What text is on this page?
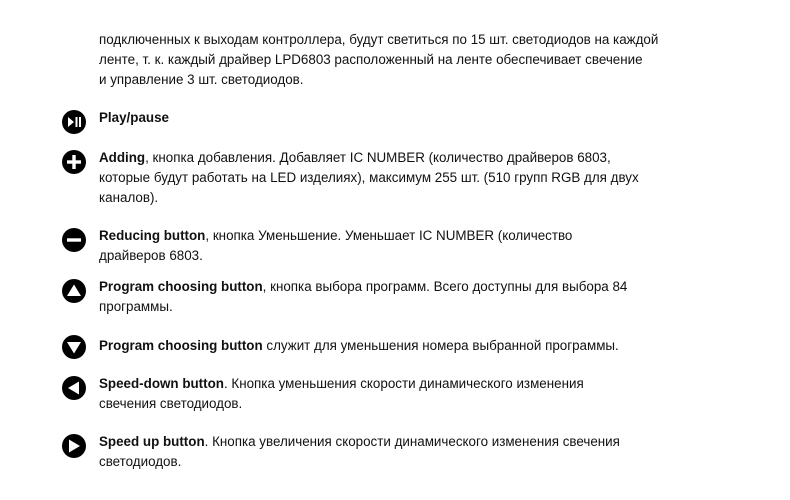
подключенных к выходам контроллера, будут светиться по 15 шт. светодиодов на каждой
ленте, т. к. каждый драйвер LPD6803 расположенный на ленте обеспечивает свечение
и управление 3 шт. светодиодов.
Play/pause
Adding, кнопка добавления. Добавляет IC NUMBER (количество драйверов 6803,
которые будут работать на LED изделиях), максимум 255 шт. (510 групп RGB для двух
каналов).
Reducing button, кнопка Уменьшение. Уменьшает IC NUMBER (количество
драйверов 6803.
Program choosing button, кнопка выбора программ. Всего доступны для выбора 84
программы.
Program choosing button служит для уменьшения номера выбранной программы.
Speed-down button. Кнопка уменьшения скорости динамического изменения
свечения светодиодов.
Speed up button. Кнопка увеличения скорости динамического изменения свечения
светодиодов.
